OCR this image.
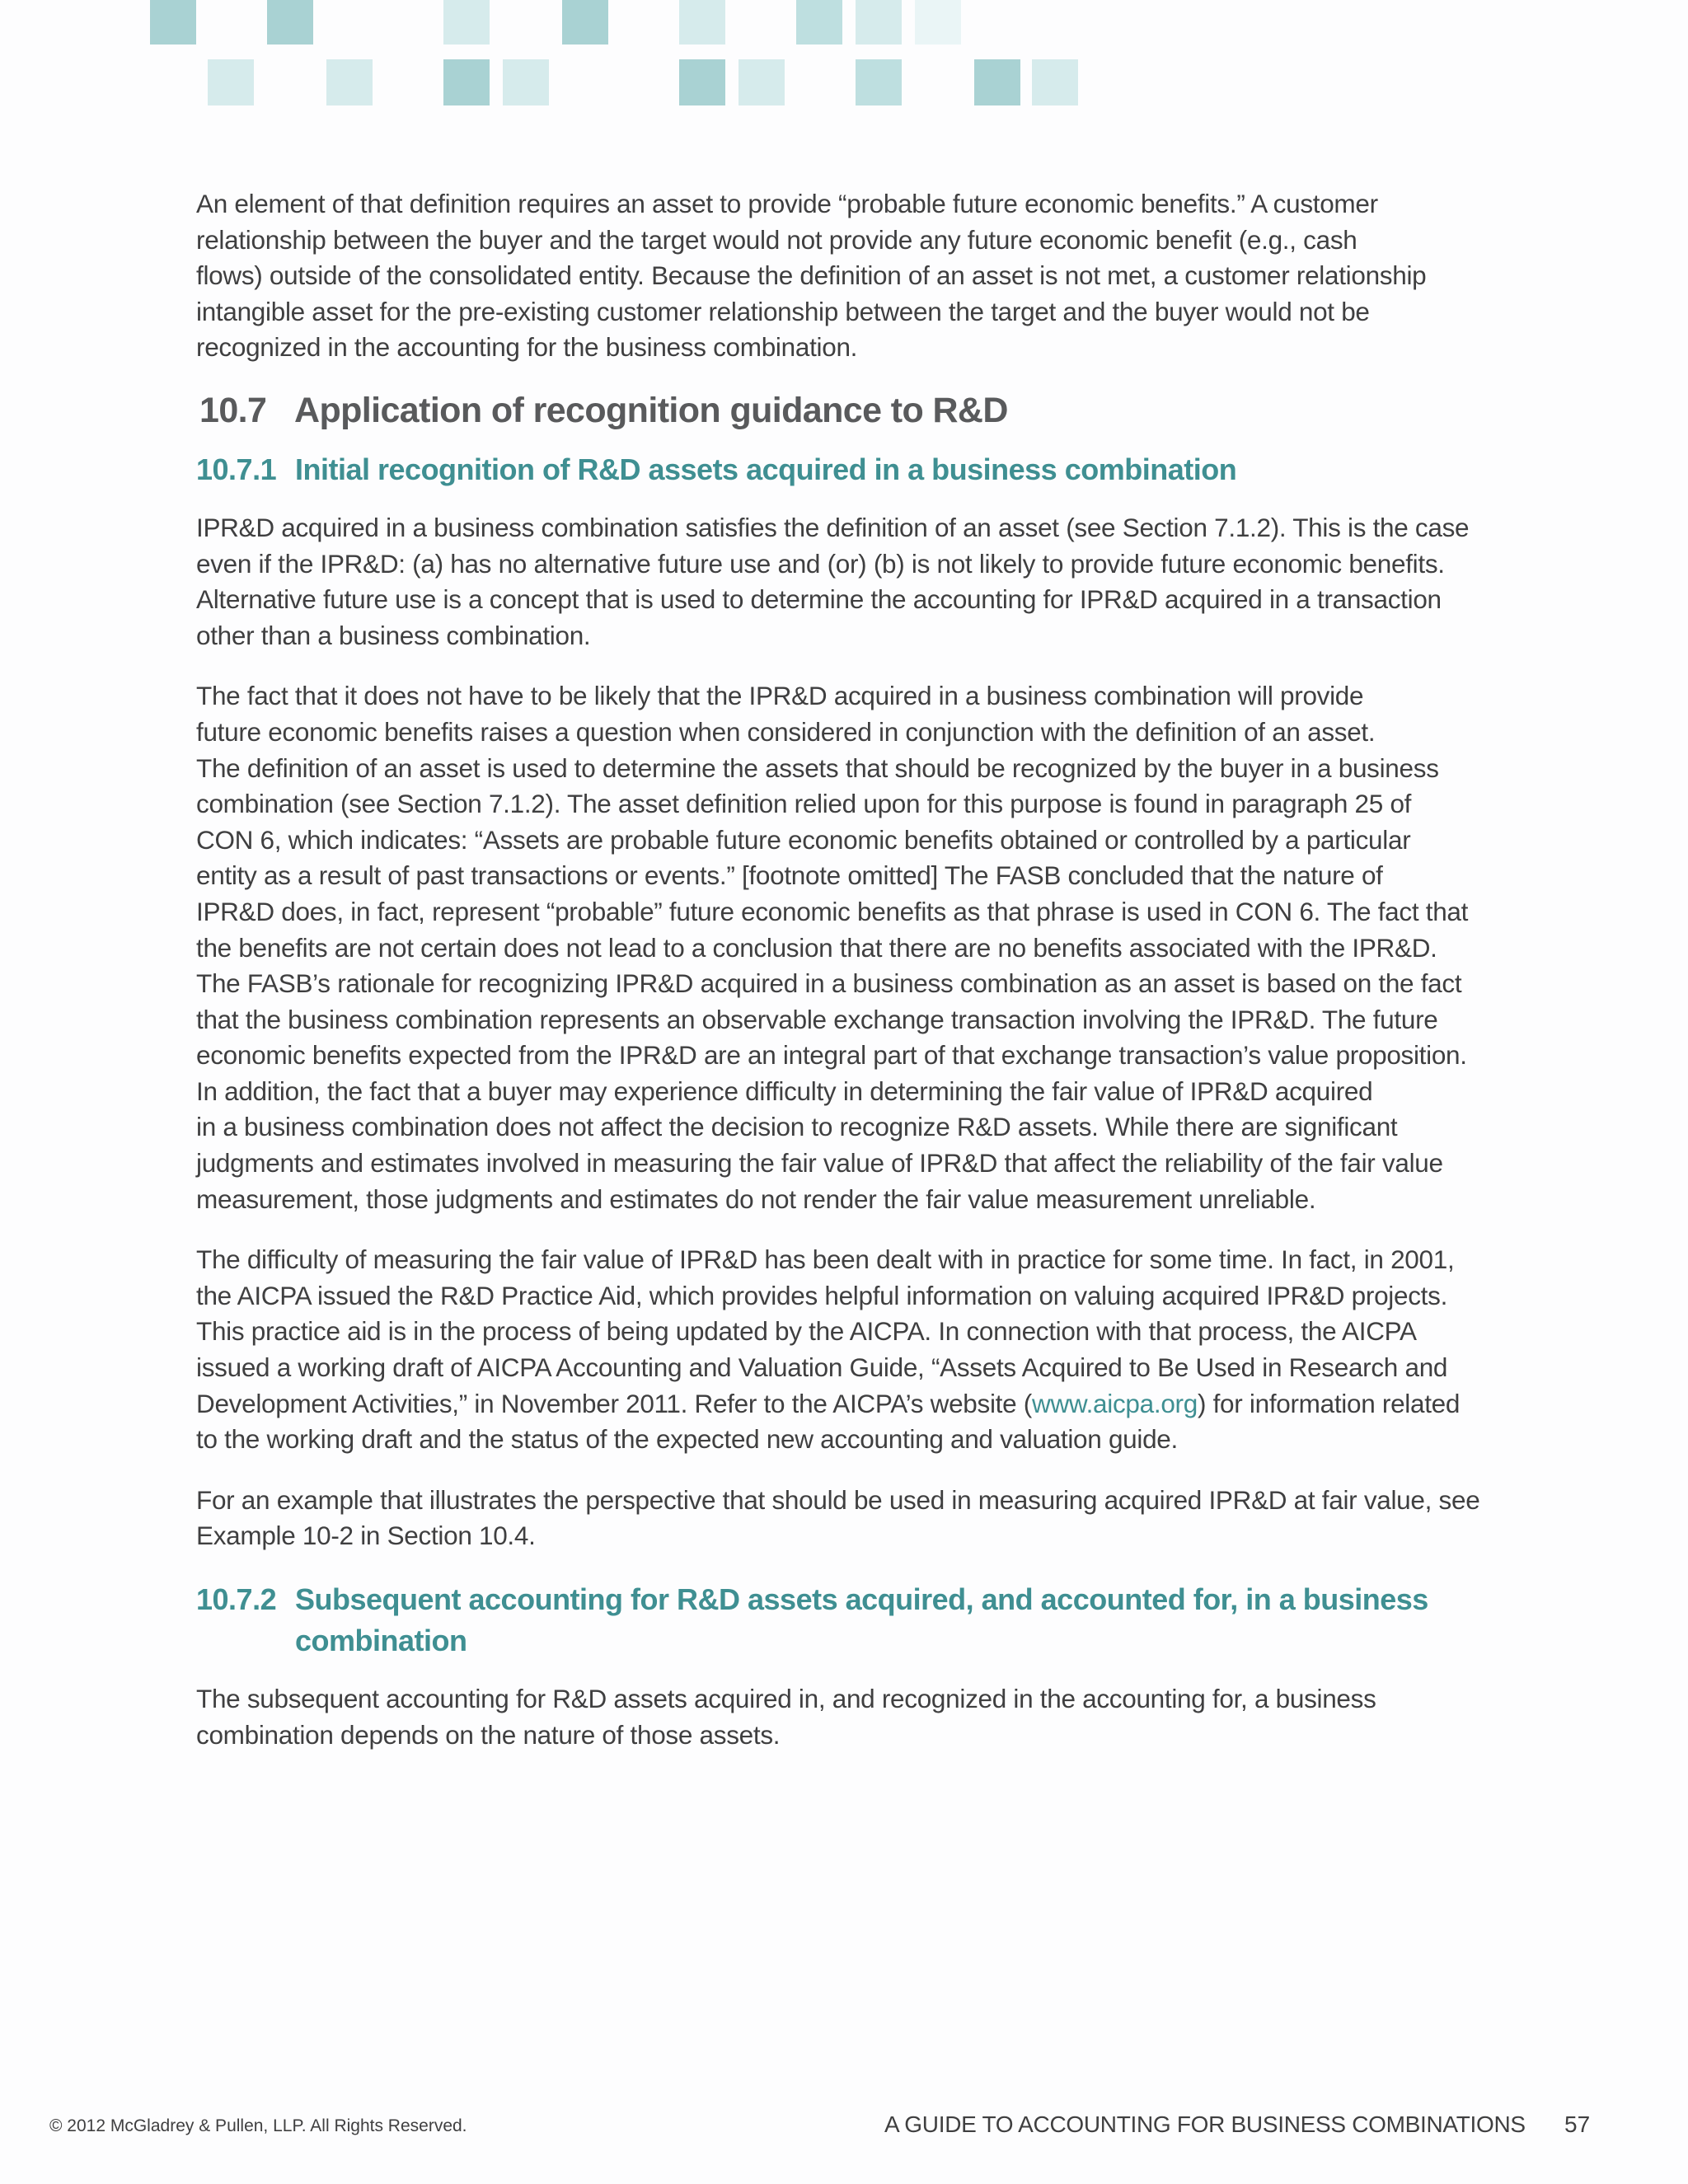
An element of that definition requires an asset to provide “probable future economic benefits.” A customer
relationship between the buyer and the target would not provide any future economic benefit (e.g., cash
flows) outside of the consolidated entity. Because the definition of an asset is not met, a customer relationship
intangible asset for the pre-existing customer relationship between the target and the buyer would not be
recognized in the accounting for the business combination.
10.7 Application of recognition guidance to R&D
10.7.1 Initial recognition of R&D assets acquired in a business combination
IPR&D acquired in a business combination satisfies the definition of an asset (see Section 7.1.2). This is the case
even if the IPR&D: (a) has no alternative future use and (or) (b) is not likely to provide future economic benefits.
Alternative future use is a concept that is used to determine the accounting for IPR&D acquired in a transaction
other than a business combination.
The fact that it does not have to be likely that the IPR&D acquired in a business combination will provide
future economic benefits raises a question when considered in conjunction with the definition of an asset.
The definition of an asset is used to determine the assets that should be recognized by the buyer in a business
combination (see Section 7.1.2). The asset definition relied upon for this purpose is found in paragraph 25 of
CON 6, which indicates: “Assets are probable future economic benefits obtained or controlled by a particular
entity as a result of past transactions or events.” [footnote omitted] The FASB concluded that the nature of
IPR&D does, in fact, represent “probable” future economic benefits as that phrase is used in CON 6. The fact that
the benefits are not certain does not lead to a conclusion that there are no benefits associated with the IPR&D.
The FASB’s rationale for recognizing IPR&D acquired in a business combination as an asset is based on the fact
that the business combination represents an observable exchange transaction involving the IPR&D. The future
economic benefits expected from the IPR&D are an integral part of that exchange transaction’s value proposition.
In addition, the fact that a buyer may experience difficulty in determining the fair value of IPR&D acquired
in a business combination does not affect the decision to recognize R&D assets. While there are significant
judgments and estimates involved in measuring the fair value of IPR&D that affect the reliability of the fair value
measurement, those judgments and estimates do not render the fair value measurement unreliable.
The difficulty of measuring the fair value of IPR&D has been dealt with in practice for some time. In fact, in 2001,
the AICPA issued the R&D Practice Aid, which provides helpful information on valuing acquired IPR&D projects.
This practice aid is in the process of being updated by the AICPA. In connection with that process, the AICPA
issued a working draft of AICPA Accounting and Valuation Guide, “Assets Acquired to Be Used in Research and
Development Activities,” in November 2011. Refer to the AICPA’s website (www.aicpa.org) for information related
to the working draft and the status of the expected new accounting and valuation guide.
For an example that illustrates the perspective that should be used in measuring acquired IPR&D at fair value, see
Example 10-2 in Section 10.4.
10.7.2 Subsequent accounting for R&D assets acquired, and accounted for, in a business
combination
The subsequent accounting for R&D assets acquired in, and recognized in the accounting for, a business
combination depends on the nature of those assets.
© 2012 McGladrey & Pullen, LLP. All Rights Reserved.	A GUIDE TO ACCOUNTING FOR BUSINESS COMBINATIONS 57
